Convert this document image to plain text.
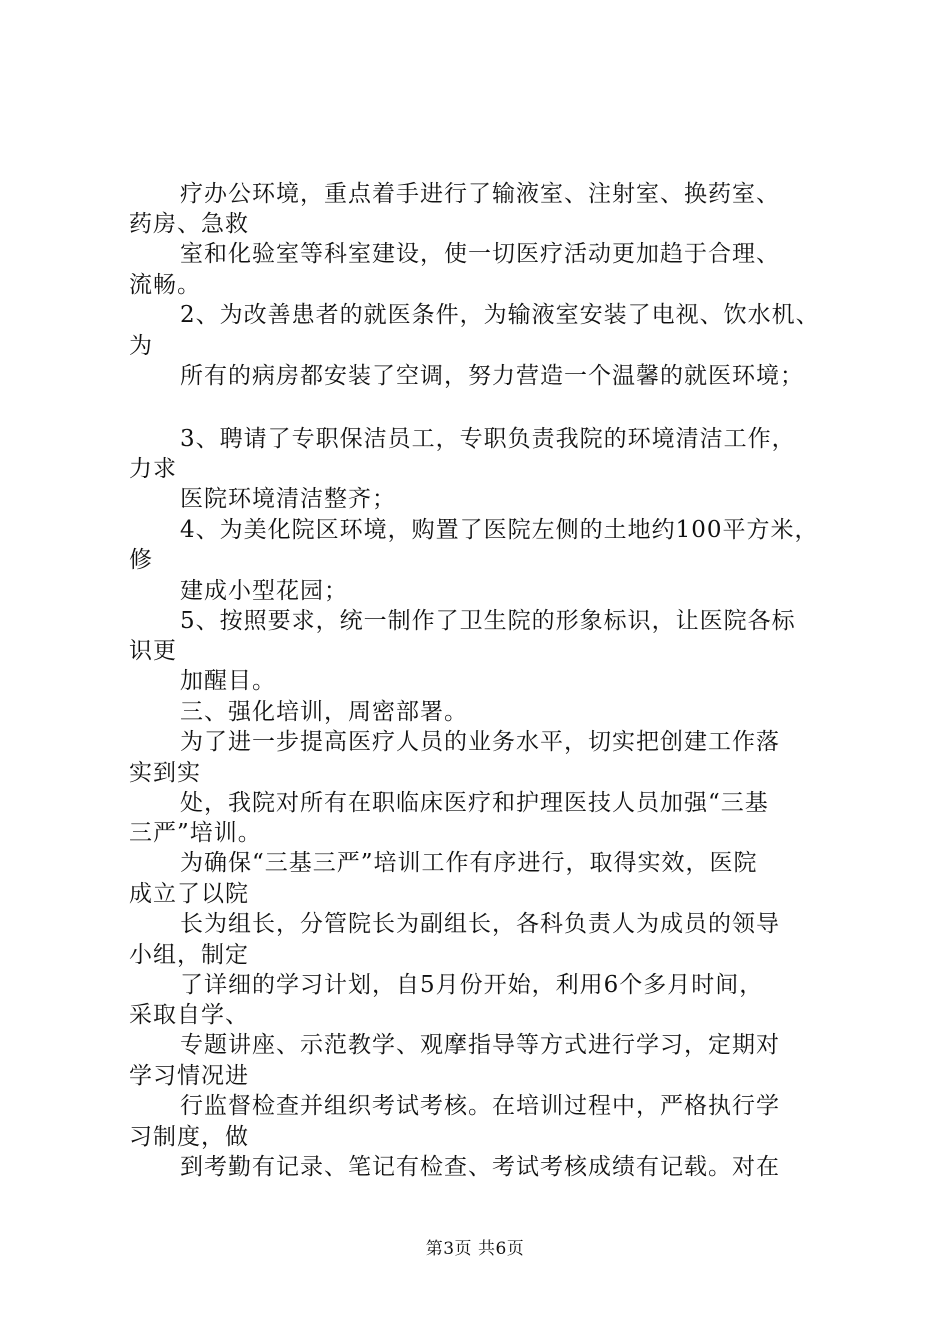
疗办公环境，重点着手进行了输液室、注射室、换药室、
药房、急救
室和化验室等科室建设，使一切医疗活动更加趋于合理、
流畅。
2、为改善患者的就医条件，为输液室安装了电视、饮水机、
为
所有的病房都安装了空调，努力营造一个温馨的就医环境；
3、聘请了专职保洁员工，专职负责我院的环境清洁工作，
力求
医院环境清洁整齐；
4、为美化院区环境，购置了医院左侧的土地约100平方米，
修
建成小型花园；
5、按照要求，统一制作了卫生院的形象标识，让医院各标
识更
加醒目。
三、强化培训，周密部署。
为了进一步提高医疗人员的业务水平，切实把创建工作落
实到实
处，我院对所有在职临床医疗和护理医技人员加强“三基
三严”培训。
为确保“三基三严”培训工作有序进行，取得实效，医院
成立了以院
长为组长，分管院长为副组长，各科负责人为成员的领导
小组，制定
了详细的学习计划，自5月份开始，利用6个多月时间，
采取自学、
专题讲座、示范教学、观摩指导等方式进行学习，定期对
学习情况进
行监督检查并组织考试考核。在培训过程中，严格执行学
习制度，做
到考勤有记录、笔记有检查、考试考核成绩有记载。对在
第3页 共6页
